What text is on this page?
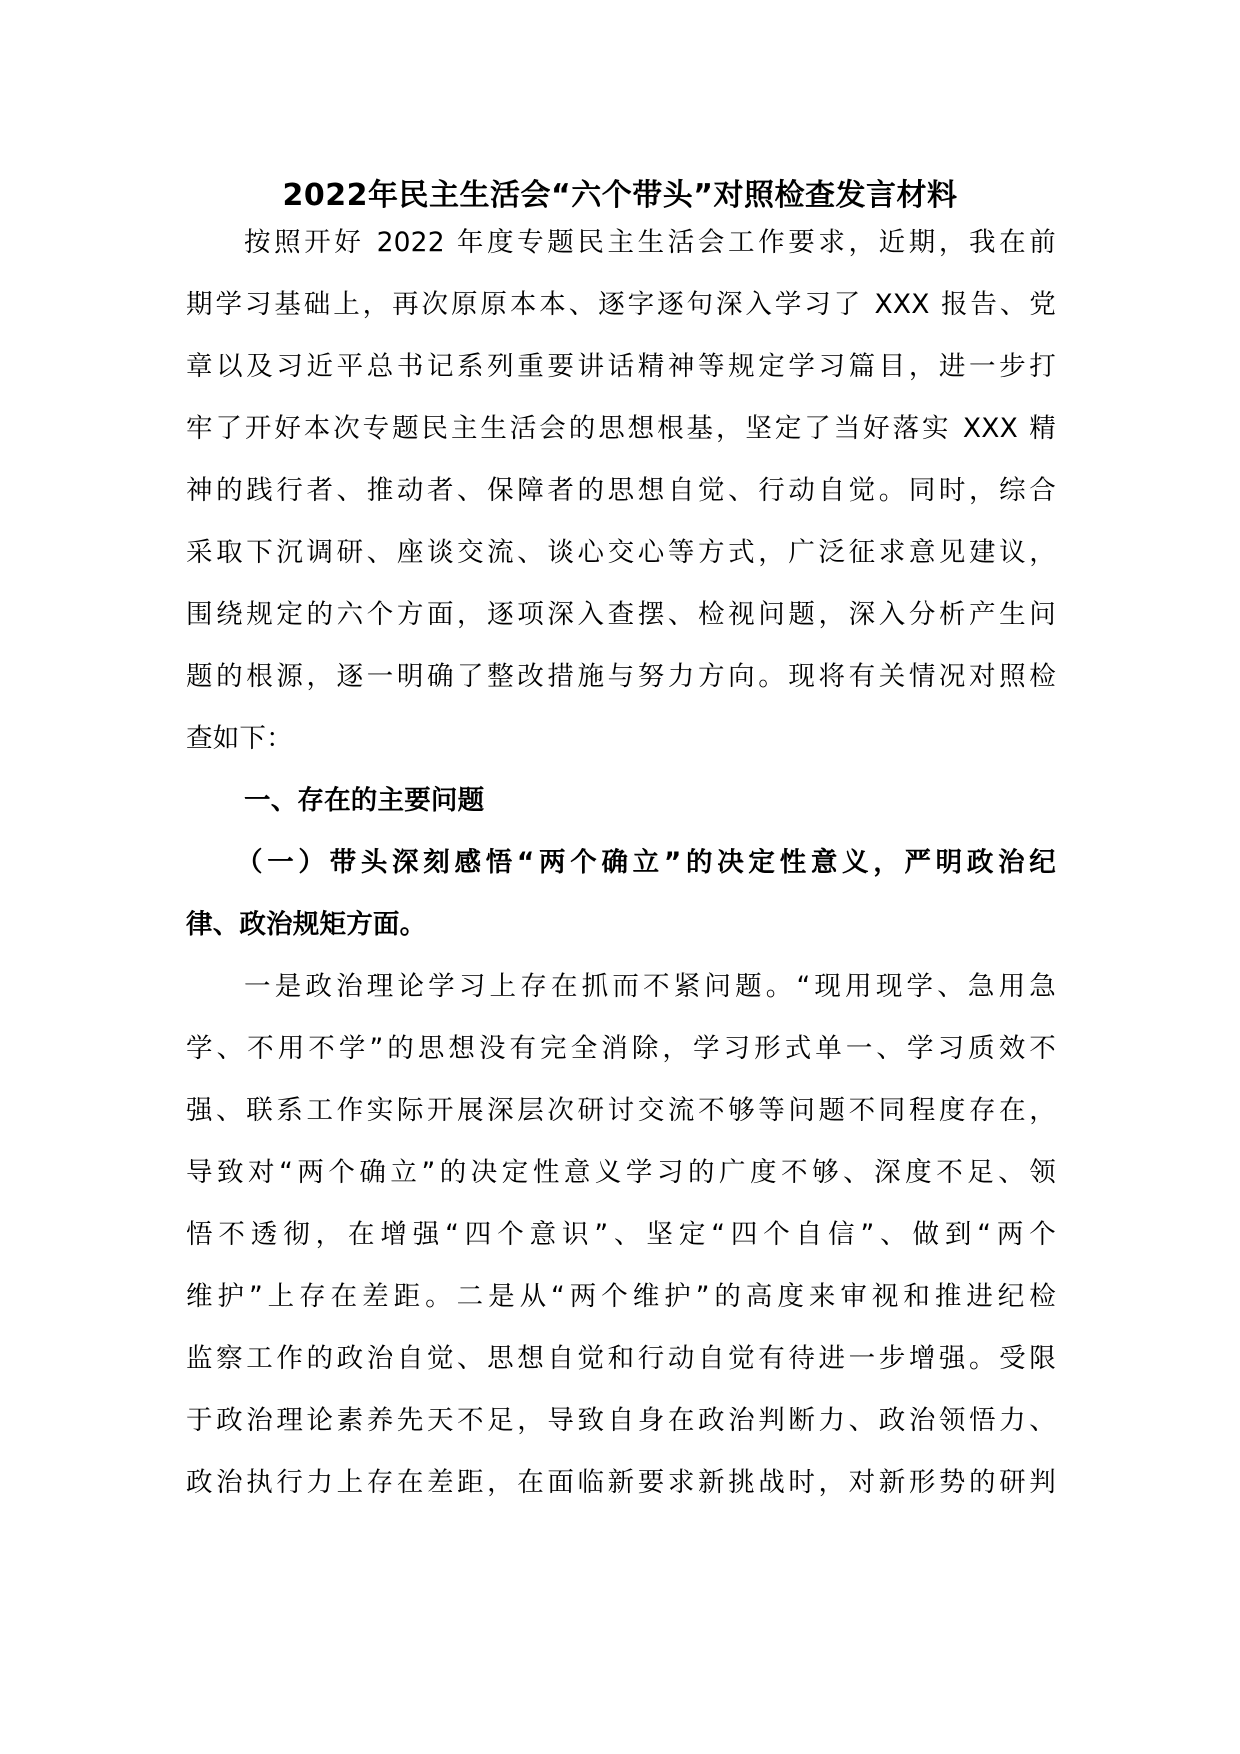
2022年民主生活会“六个带头”对照检查发言材料
按照开好 2022 年度专题民主生活会工作要求，近期，我在前
期学习基础上，再次原原本本、逐字逐句深入学习了 XXX 报告、党
章以及习近平总书记系列重要讲话精神等规定学习篇目，进一步打
牢了开好本次专题民主生活会的思想根基，坚定了当好落实 XXX 精
神的践行者、推动者、保障者的思想自觉、行动自觉。同时，综合
采取下沉调研、座谈交流、谈心交心等方式，广泛征求意见建议，
围绕规定的六个方面，逐项深入查摆、检视问题，深入分析产生问
题的根源，逐一明确了整改措施与努力方向。现将有关情况对照检
查如下：
一、存在的主要问题
（一）带头深刻感悟“两个确立”的决定性意义，严明政治纪
律、政治规矩方面。
一是政治理论学习上存在抓而不紧问题。“现用现学、急用急
学、不用不学”的思想没有完全消除，学习形式单一、学习质效不
强、联系工作实际开展深层次研讨交流不够等问题不同程度存在，
导致对“两个确立”的决定性意义学习的广度不够、深度不足、领
悟不透彻，在增强“四个意识”、坚定“四个自信”、做到“两个
维护”上存在差距。二是从“两个维护”的高度来审视和推进纪检
监察工作的政治自觉、思想自觉和行动自觉有待进一步增强。受限
于政治理论素养先天不足，导致自身在政治判断力、政治领悟力、
政治执行力上存在差距，在面临新要求新挑战时，对新形势的研判
